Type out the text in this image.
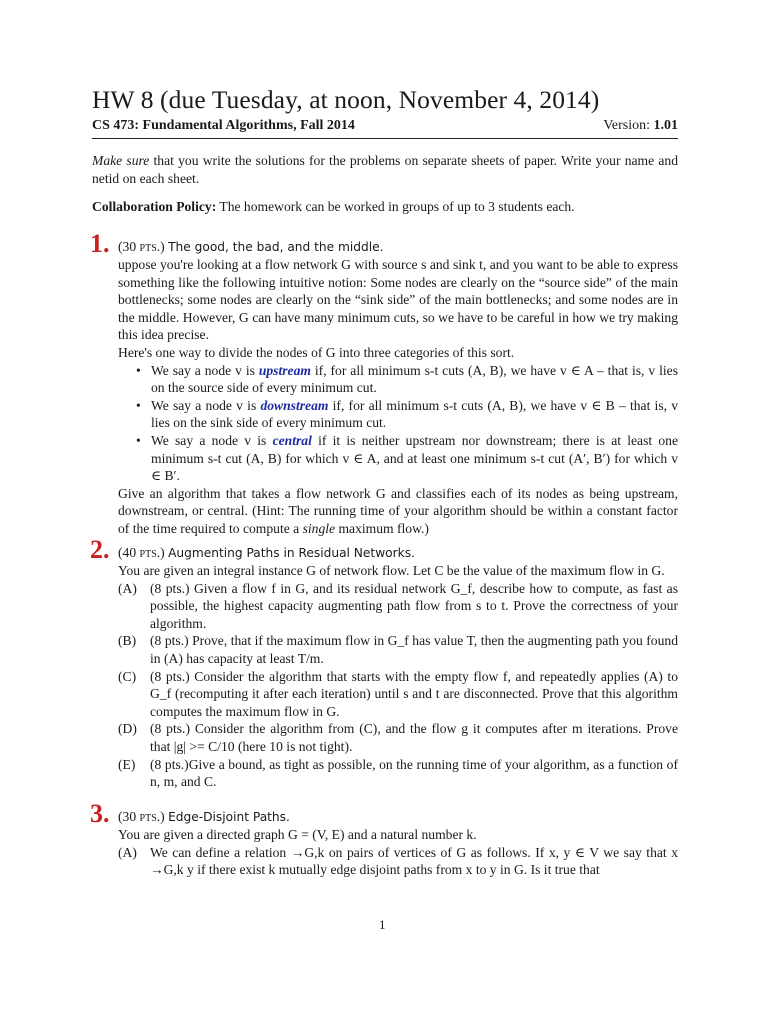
HW 8 (due Tuesday, at noon, November 4, 2014)
CS 473: Fundamental Algorithms, Fall 2014	Version: 1.01
Make sure that you write the solutions for the problems on separate sheets of paper. Write your name and netid on each sheet.
Collaboration Policy: The homework can be worked in groups of up to 3 students each.
1. (30 pts.) The good, the bad, and the middle.

uppose you're looking at a flow network G with source s and sink t, and you want to be able to express something like the following intuitive notion: Some nodes are clearly on the “source side” of the main bottlenecks; some nodes are clearly on the “sink side” of the main bottlenecks; and some nodes are in the middle. However, G can have many minimum cuts, so we have to be careful in how we try making this idea precise.

Here's one way to divide the nodes of G into three categories of this sort.

• We say a node v is upstream if, for all minimum s-t cuts (A, B), we have v ∈ A – that is, v lies on the source side of every minimum cut.
• We say a node v is downstream if, for all minimum s-t cuts (A, B), we have v ∈ B – that is, v lies on the sink side of every minimum cut.
• We say a node v is central if it is neither upstream nor downstream; there is at least one minimum s-t cut (A, B) for which v ∈ A, and at least one minimum s-t cut (A′, B′) for which v ∈ B′.

Give an algorithm that takes a flow network G and classifies each of its nodes as being upstream, downstream, or central. (Hint: The running time of your algorithm should be within a constant factor of the time required to compute a single maximum flow.)

2. (40 pts.) Augmenting Paths in Residual Networks.

You are given an integral instance G of network flow. Let C be the value of the maximum flow in G.

(A) (8 pts.) Given a flow f in G, and its residual network G_f, describe how to compute, as fast as possible, the highest capacity augmenting path flow from s to t. Prove the correctness of your algorithm.
(B) (8 pts.) Prove, that if the maximum flow in G_f has value T, then the augmenting path you found in (A) has capacity at least T/m.
(C) (8 pts.) Consider the algorithm that starts with the empty flow f, and repeatedly applies (A) to G_f (recomputing it after each iteration) until s and t are disconnected. Prove that this algorithm computes the maximum flow in G.
(D) (8 pts.) Consider the algorithm from (C), and the flow g it computes after m iterations. Prove that |g| >= C/10 (here 10 is not tight).
(E) (8 pts.)Give a bound, as tight as possible, on the running time of your algorithm, as a function of n, m, and C.
3. (30 pts.) Edge-Disjoint Paths.

You are given a directed graph G = (V, E) and a natural number k.

(A) We can define a relation →G,k on pairs of vertices of G as follows. If x, y ∈ V we say that x →G,k y if there exist k mutually edge disjoint paths from x to y in G. Is it true that
1
